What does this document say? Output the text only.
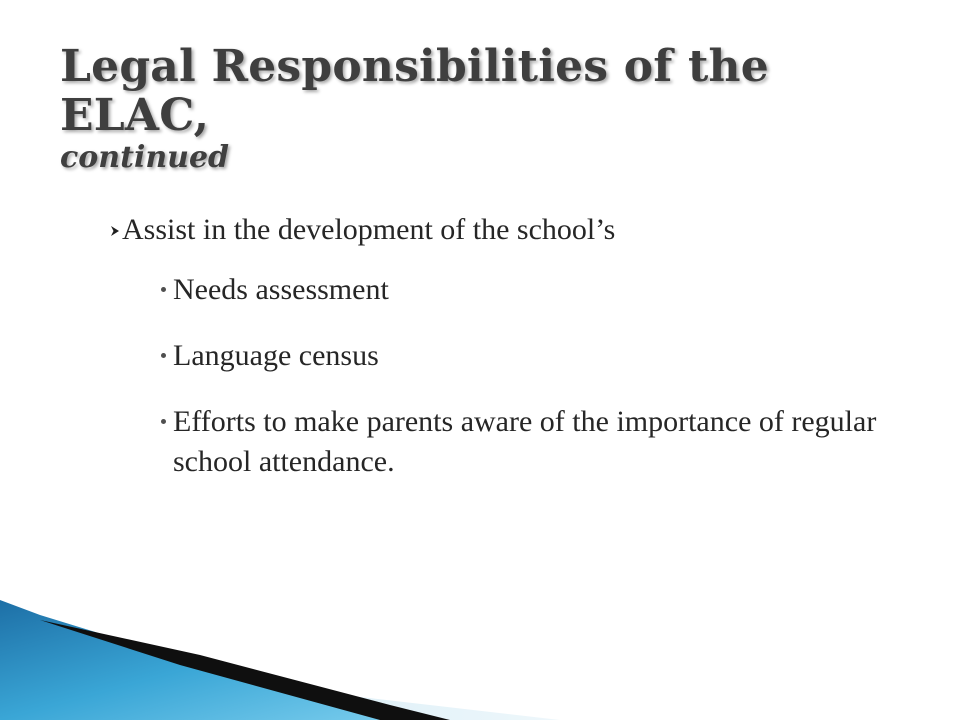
Legal Responsibilities of the ELAC,
continued
Assist in the development of the school’s
Needs assessment
Language census
Efforts to make parents aware of the importance of regular school attendance.
